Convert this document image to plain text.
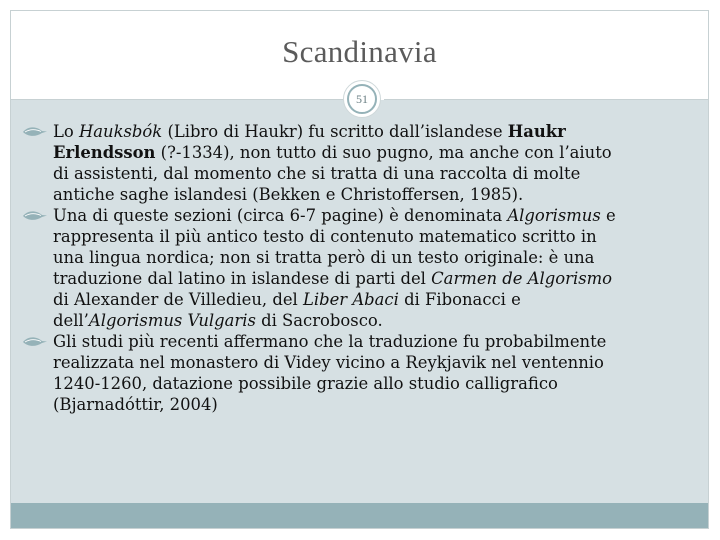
Scandinavia
51
Lo Hauksbók (Libro di Haukr) fu scritto dall’islandese Haukr
Erlendsson (?-1334), non tutto di suo pugno, ma anche con l’aiuto
di assistenti, dal momento che si tratta di una raccolta di molte
antiche saghe islandesi (Bekken e Christoffersen, 1985).
Una di queste sezioni (circa 6-7 pagine) è denominata Algorismus e
rappresenta il più antico testo di contenuto matematico scritto in
una lingua nordica; non si tratta però di un testo originale: è una
traduzione dal latino in islandese di parti del Carmen de Algorismo
di Alexander de Villedieu, del Liber Abaci di Fibonacci e
dell’Algorismus Vulgaris di Sacrobosco.
Gli studi più recenti affermano che la traduzione fu probabilmente
realizzata nel monastero di Videy vicino a Reykjavik nel ventennio
1240-1260, datazione possibile grazie allo studio calligrafico
(Bjarnadóttir, 2004)
